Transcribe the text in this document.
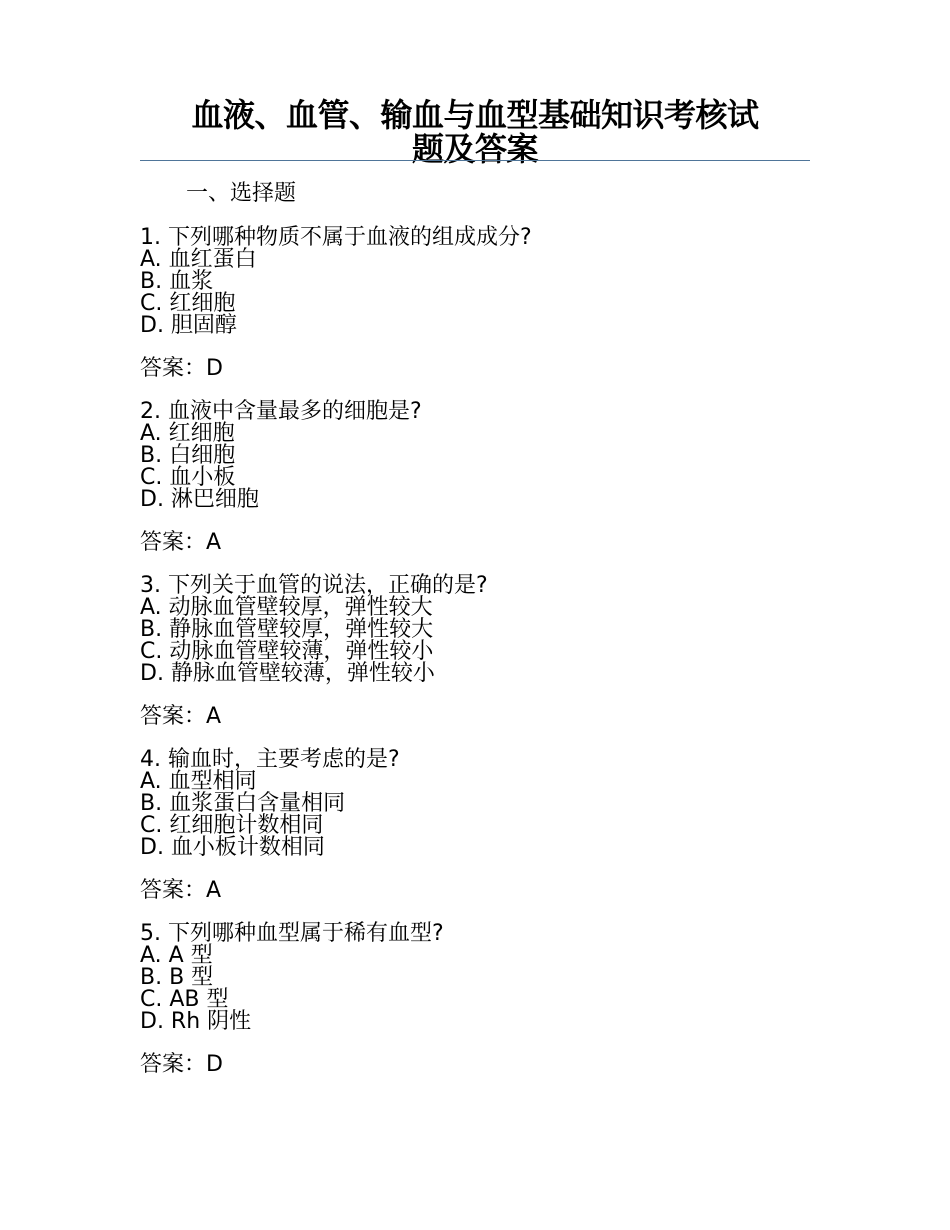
血液、血管、输血与血型基础知识考核试
题及答案
一、选择题

1. 下列哪种物质不属于血液的组成成分?

A. 血红蛋白

B. 血浆

C. 红细胞

D. 胆固醇

答案：D

2. 血液中含量最多的细胞是?

A. 红细胞

B. 白细胞

C. 血小板

D. 淋巴细胞

答案：A

3. 下列关于血管的说法，正确的是?

A. 动脉血管壁较厚，弹性较大

B. 静脉血管壁较厚，弹性较大

C. 动脉血管壁较薄，弹性较小

D. 静脉血管壁较薄，弹性较小

答案：A

4. 输血时，主要考虑的是?

A. 血型相同

B. 血浆蛋白含量相同

C. 红细胞计数相同

D. 血小板计数相同

答案：A

5. 下列哪种血型属于稀有血型?

A. A 型

B. B 型

C. AB 型

D. Rh 阴性

答案：D
